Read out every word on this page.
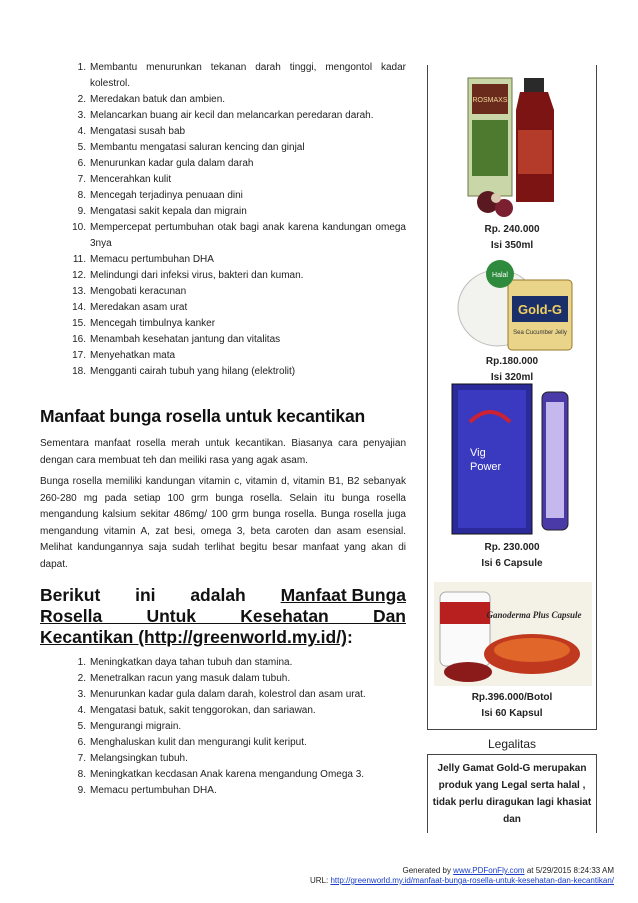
1. Membantu menurunkan tekanan darah tinggi, mengontol kadar kolestrol.
2. Meredakan batuk dan ambien.
3. Melancarkan buang air kecil dan melancarkan peredaran darah.
4. Mengatasi susah bab
5. Membantu mengatasi saluran kencing dan ginjal
6. Menurunkan kadar gula dalam darah
7. Mencerahkan kulit
8. Mencegah terjadinya penuaan dini
9. Mengatasi sakit kepala dan migrain
10. Mempercepat pertumbuhan otak bagi anak karena kandungan omega 3nya
11. Memacu pertumbuhan DHA
12. Melindungi dari infeksi virus, bakteri dan kuman.
13. Mengobati keracunan
14. Meredakan asam urat
15. Mencegah timbulnya kanker
16. Menambah kesehatan jantung dan vitalitas
17. Menyehatkan mata
18. Mengganti cairah tubuh yang hilang (elektrolit)
Manfaat bunga rosella untuk kecantikan

Sementara manfaat rosella merah untuk kecantikan. Biasanya cara penyajian dengan cara membuat teh dan meiliki rasa yang agak asam.

Bunga rosella memiliki kandungan vitamin c, vitamin d, vitamin B1, B2 sebanyak 260-280 mg pada setiap 100 grm bunga rosella. Selain itu bunga rosella mengandung kalsium sekitar 486mg/ 100 grm bunga rosella. Bunga rosella juga mengandung vitamin A, zat besi, omega 3, beta caroten dan asam esensial. Melihat kandungannya saja sudah terlihat begitu besar manfaat yang akan di dapat.

Berikut ini adalah Manfaat Bunga
Rosella Untuk Kesehatan Dan
Kecantikan (http://greenworld.my.id/):
1. Meningkatkan daya tahan tubuh dan stamina.
2. Menetralkan racun yang masuk dalam tubuh.
3. Menurunkan kadar gula dalam darah, kolestrol dan asam urat.
4. Mengatasi batuk, sakit tenggorokan, dan sariawan.
5. Mengurangi migrain.
6. Menghaluskan kulit dan mengurangi kulit keriput.
7. Melangsingkan tubuh.
8. Meningkatkan kecdasan Anak karena mengandung Omega 3.
9. Memacu pertumbuhan DHA.
ROSMAXS
Rp. 240.000
Isi 350ml
Gold-G
Sea Cucumber Jelly
Halal
Rp.180.000
Isi 320ml
Vig
Power
Rp. 230.000
Isi 6 Capsule
Ganoderma Plus Capsule
Rp.396.000/Botol
Isi 60 Kapsul
Legalitas
Jelly Gamat Gold-G merupakan produk yang Legal serta halal , tidak perlu diragukan lagi khasiat dan
Generated by www.PDFonFly.com at 5/29/2015 8:24:33 AM
URL: http://greenworld.my.id/manfaat-bunga-rosella-untuk-kesehatan-dan-kecantikan/
